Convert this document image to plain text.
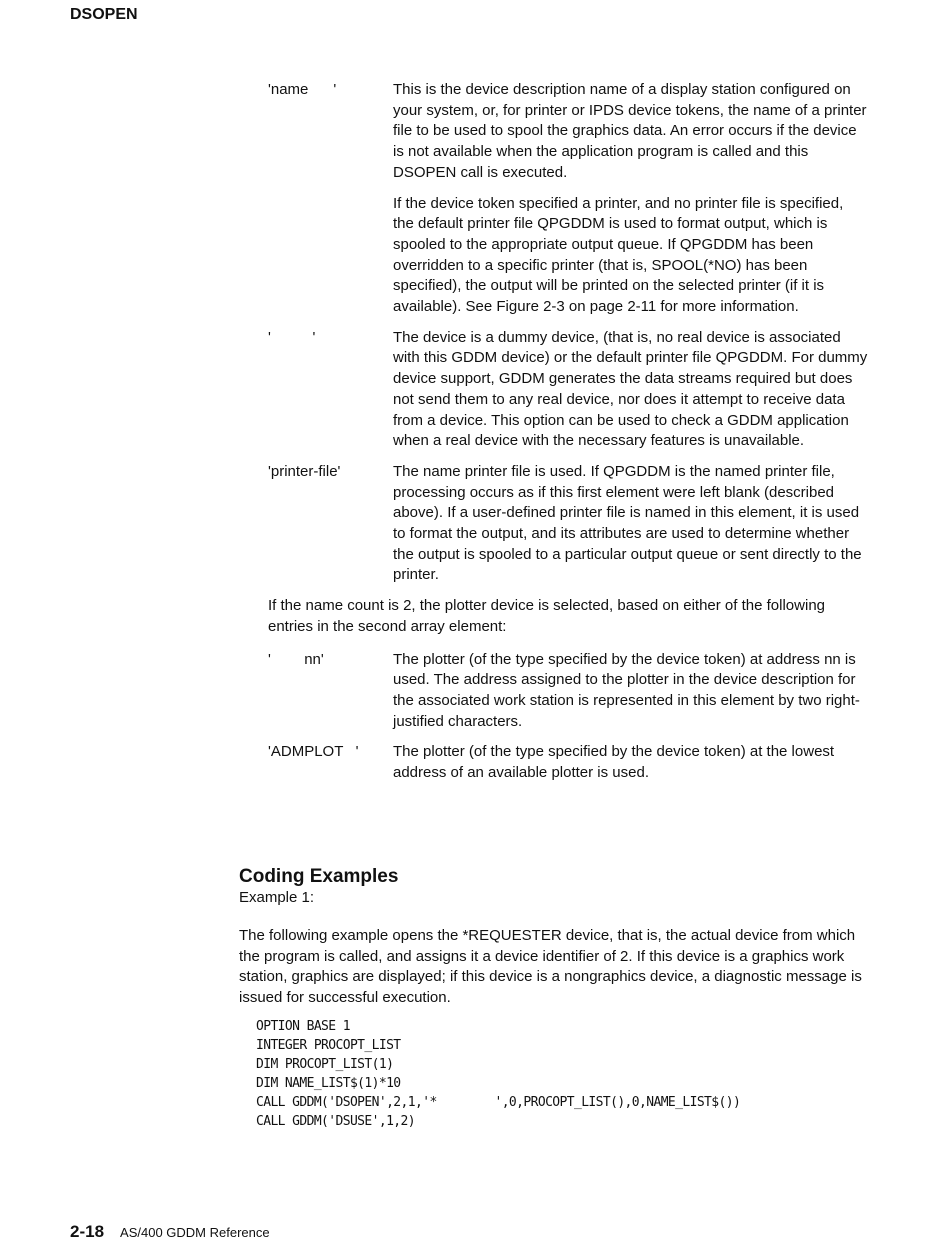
DSOPEN
'name      '	This is the device description name of a display station configured on your system, or, for printer or IPDS device tokens, the name of a printer file to be used to spool the graphics data. An error occurs if the device is not available when the application program is called and this DSOPEN call is executed.

If the device token specified a printer, and no printer file is specified, the default printer file QPGDDM is used to format output, which is spooled to the appropriate output queue. If QPGDDM has been overridden to a specific printer (that is, SPOOL(*NO) has been specified), the output will be printed on the selected printer (if it is available). See Figure 2-3 on page 2-11 for more information.

'          '	The device is a dummy device, (that is, no real device is associated with this GDDM device) or the default printer file QPGDDM. For dummy device support, GDDM generates the data streams required but does not send them to any real device, nor does it attempt to receive data from a device. This option can be used to check a GDDM application when a real device with the necessary features is unavailable.

'printer-file'	The name printer file is used. If QPGDDM is the named printer file, processing occurs as if this first element were left blank (described above). If a user-defined printer file is named in this element, it is used to format the output, and its attributes are used to determine whether the output is spooled to a particular output queue or sent directly to the printer.

If the name count is 2, the plotter device is selected, based on either of the following entries in the second array element:

'        nn'	The plotter (of the type specified by the device token) at address nn is used. The address assigned to the plotter in the device description for the associated work station is represented in this element by two right-justified characters.

'ADMPLOT   '	The plotter (of the type specified by the device token) at the lowest address of an available plotter is used.

Coding Examples
Example 1:

The following example opens the *REQUESTER device, that is, the actual device from which the program is called, and assigns it a device identifier of 2. If this device is a graphics work station, graphics are displayed; if this device is a nongraphics device, a diagnostic message is issued for successful execution.

OPTION BASE 1
INTEGER PROCOPT_LIST
DIM PROCOPT_LIST(1)
DIM NAME_LIST$(1)*10
CALL GDDM('DSOPEN',2,1,'*        ',0,PROCOPT_LIST(),0,NAME_LIST$())
CALL GDDM('DSUSE',1,2)
2-18 AS/400 GDDM Reference
